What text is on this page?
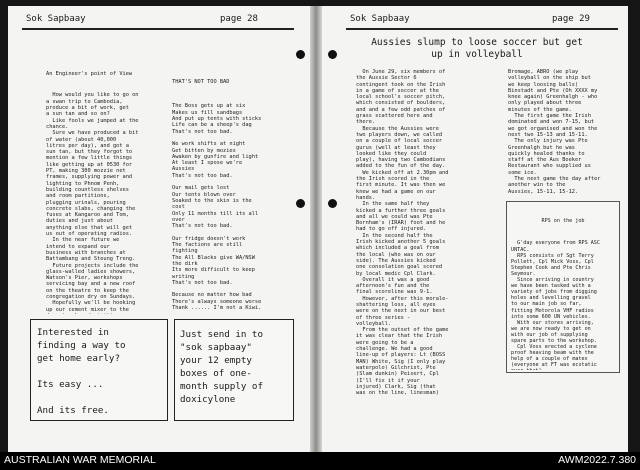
Sok Sapbaay	page 28

An Engineer's point of View

How would you like to go on
a swan trip to Cambodia,
produce a bit of work, get
a sun tan and so on?
Like fools we jumped at the
chance.
Sure we have produced a bit
of water (about 40,000
litres per day), and got a
sun tan, but they forgot to
mention a few little things
like getting up at 0530 for
PT, making 300 mozzie net
frames, supplying power and
lighting to Phnom Penh,
building countless shelves
and room partitions,
plugging urinals, pouring
concrete slabs, changing the
fuses at Kangaroo and Tom,
duties and just about
anything else that will get
us out of operating radios.
In the near future we
intend to expand our
business with branches at
Battambang and Steung Treng.
Future projects include the
glass-walled ladies showers,
Watson's Pier, workshops
servicing bay and a new roof
on the theatre to keep the
congregation dry on Sundays.
Hopefully we'll be hooking
up our cement mixer to the

THAT'S NOT TOO BAD

The Boss gets up at six
Makes us fill sandbags
And put up tents with sticks
Life can be a sheep's dag
That's not too bad.

We work shifts at night
Get bitten by mozies
Awaken by gunfire and light
At least I spose we're
Aussies
That's not too bad.

Our mail gets lost
Our tents blown over
Soaked to the skin is the
cost
Only 11 months till its all
over
That's not too bad.

Our fridge doesn't work
The factions are still
fighting
The All Blacks give WA/NSW
the dirk
Its more difficult to keep
writing
That's not too bad.

Because no matter how bad
There's always someone worse
Thank ...... I'm not a Kiwi.

Interested in
finding a way to
get home early?

Its easy ...

And its free.
Just send in to
"sok sapbaay"
your 12 empty
boxes of one-
month supply of
doxicylone
Sok Sapbaay	page 29
Aussies slump to loose soccer but get
up in volleyball
On June 29, six members of
the Aussie Sector 6
contingent took on the Irish
in a game of soccer at the
local school's soccer pitch,
which consisted of boulders,
and and a few odd patches of
grass scattered here and
there.
Because the Aussies were
two players down, we called
on a couple of local soccer
gurus (well at least they
looked like they could
play), having two Cambodians
added to the fun of the day.
We kicked off at 2.30pm and
the Irish scored in the
first minute. It was then we
knew we had a game on our
hands.
In the same half they
kicked a further three goals
and all we could was Pte
Bornham's (IRAR) foot and he
had to go off injured.
In the second half the
Irish kicked another 5 goals
which included a goal from
the local (who was on our
side). The Aussies kicked
one consolation goal scored
by local medic Cpl Clark.
Overall it was a good
afternoon's fun and the
final scoreline was 9-1.
However, after this morale-
shattering loss, all eyes
were on the next in our best
of three series -
volleyball.
From the outset of the game
it was clear that the Irish
were going to be a
challenge. We had a good
line-up of players: Lt (BOSS
MAN) White, Sig (I only play
waterpolo) Gilchrist, Pte
(Slam dunkin) Peisert, Cpl
(I'll fix it if your
injured) Clark, Sig (that
was on the line, linesman)
Bromage, ABRO (we play
volleyball on the ship but
we keep loosing balls)
Binstadt and Pte (Oh XXXX my
knee again) Greenhalgh - who
only played about three
minutes of the game.
The first game the Irish
dominated and won 7-15, but
we got organised and won the
next two 15-13 and 15-11.
The only injury was Pte
Greenhalgh but he was
quickly healed thanks to
staff at the Aus Boeker
Restaurant who supplied us
some ice.
The next game the day after
another win to the
Aussies, 15-11, 15-12.

RPS on the job

G'day everyone from RPS ASC
UNTAC.
RPS consists of Sgt Terry
Pollett, Cpl Mick Voss, Cpl
Stephen Cook and Pte Chris
Seymour.
Since arriving in country
we have been tasked with a
variety of jobs from digging
holes and levelling gravel
to our main job so far,
fitting Motorola VHF radios
into some 600 UN vehicles.
With our stores arriving,
we are now ready to get on
with our job of supplying
spare parts to the workshop.
Cpl Voss erected a cyclone
proof heaving beam with the
help of a couple of mates
(everyone at FT was ecstatic

AUSTRALIAN WAR MEMORIAL	AWM2022.7.380
